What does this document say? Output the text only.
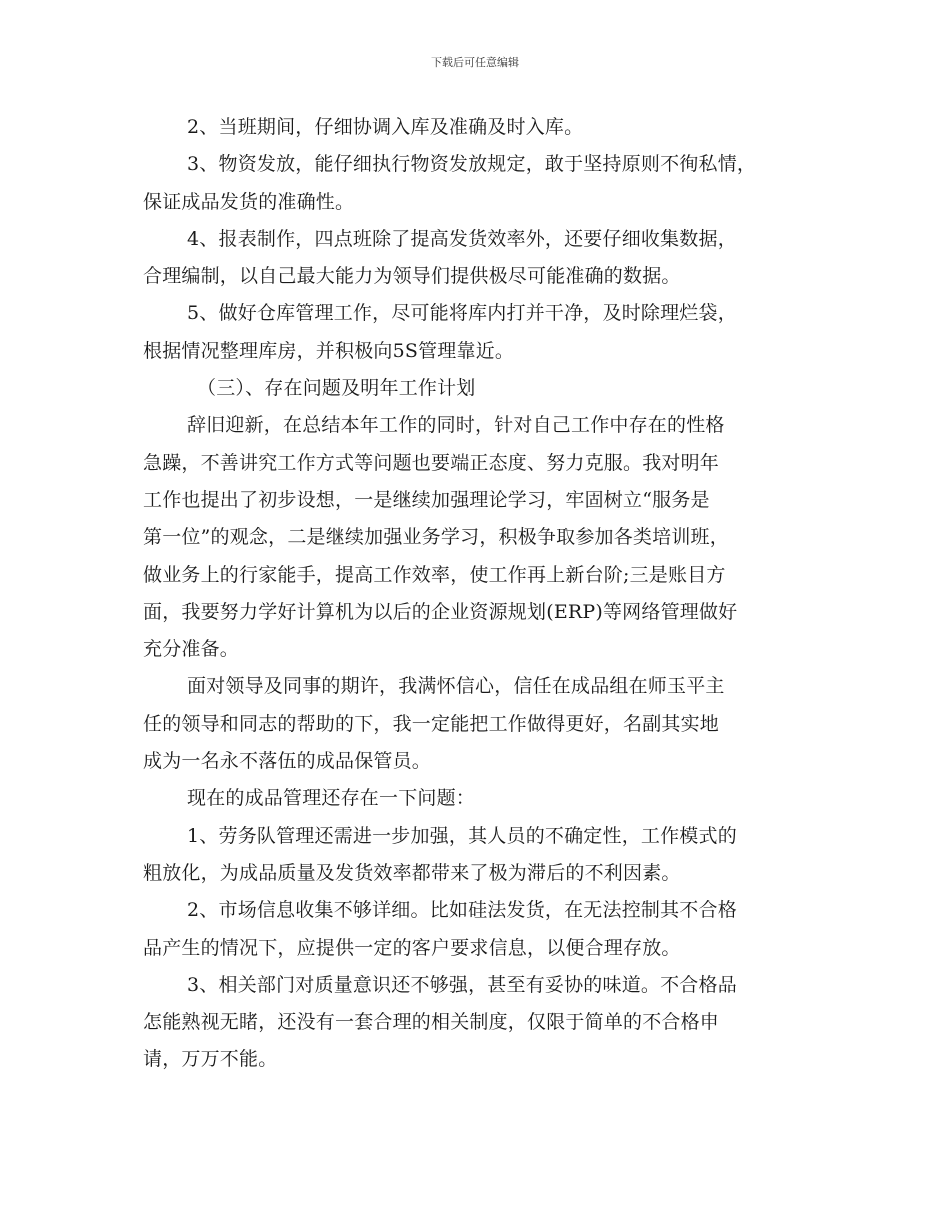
下载后可任意编辑
2、当班期间，仔细协调入库及准确及时入库。
3、物资发放，能仔细执行物资发放规定，敢于坚持原则不徇私情，
保证成品发货的准确性。
4、报表制作，四点班除了提高发货效率外，还要仔细收集数据，
合理编制，以自己最大能力为领导们提供极尽可能准确的数据。
5、做好仓库管理工作，尽可能将库内打并干净，及时除理烂袋，
根据情况整理库房，并积极向5S管理靠近。
（三）、存在问题及明年工作计划
辞旧迎新，在总结本年工作的同时，针对自己工作中存在的性格
急躁，不善讲究工作方式等问题也要端正态度、努力克服。我对明年
工作也提出了初步设想，一是继续加强理论学习，牢固树立“服务是
第一位”的观念，二是继续加强业务学习，积极争取参加各类培训班，
做业务上的行家能手，提高工作效率，使工作再上新台阶;三是账目方
面，我要努力学好计算机为以后的企业资源规划(ERP)等网络管理做好
充分准备。
面对领导及同事的期许，我满怀信心，信任在成品组在师玉平主
任的领导和同志的帮助的下，我一定能把工作做得更好，名副其实地
成为一名永不落伍的成品保管员。
现在的成品管理还存在一下问题：
1、劳务队管理还需进一步加强，其人员的不确定性，工作模式的
粗放化，为成品质量及发货效率都带来了极为滞后的不利因素。
2、市场信息收集不够详细。比如硅法发货，在无法控制其不合格
品产生的情况下，应提供一定的客户要求信息，以便合理存放。
3、相关部门对质量意识还不够强，甚至有妥协的味道。不合格品
怎能熟视无睹，还没有一套合理的相关制度，仅限于简单的不合格申
请，万万不能。
